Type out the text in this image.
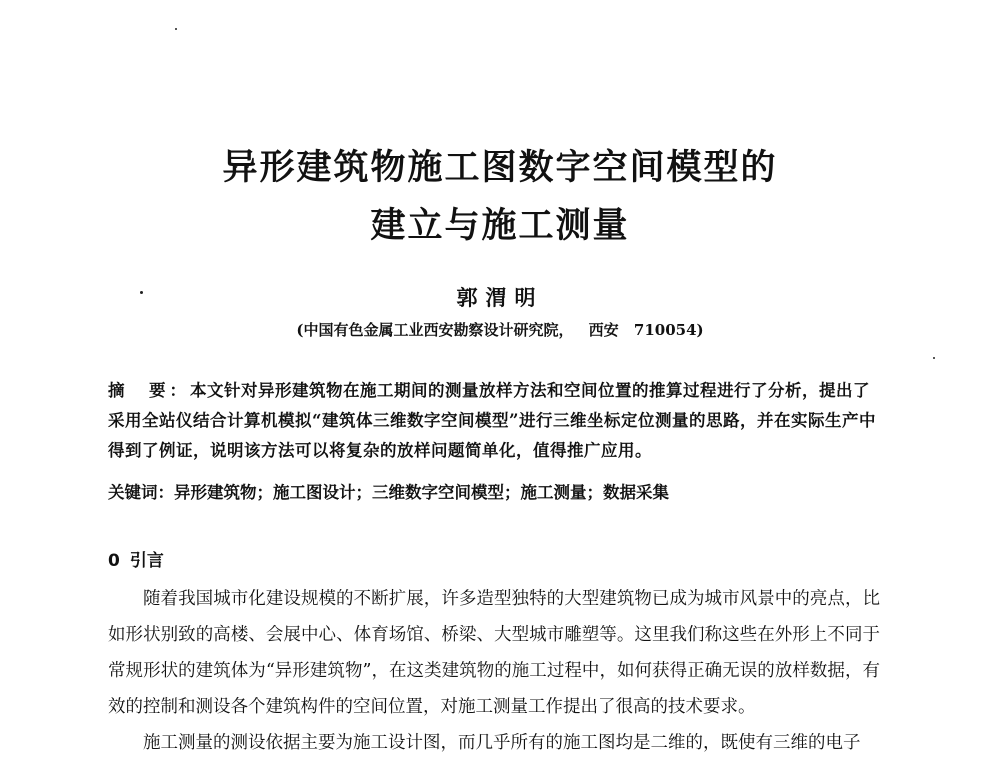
异形建筑物施工图数字空间模型的
建立与施工测量
郭渭明
(中国有色金属工业西安勘察设计研究院， 西安 710054)
摘　要：本文针对异形建筑物在施工期间的测量放样方法和空间位置的推算过程进行了分析，提出了采用全站仪结合计算机模拟“建筑体三维数字空间模型”进行三维坐标定位测量的思路，并在实际生产中得到了例证，说明该方法可以将复杂的放样问题简单化，值得推广应用。
关键词：异形建筑物；施工图设计；三维数字空间模型；施工测量；数据采集
0 引言

随着我国城市化建设规模的不断扩展，许多造型独特的大型建筑物已成为城市风景中的亮点，比如形状别致的高楼、会展中心、体育场馆、桥梁、大型城市雕塑等。这里我们称这些在外形上不同于常规形状的建筑体为“异形建筑物”，在这类建筑物的施工过程中，如何获得正确无误的放样数据，有效的控制和测设各个建筑构件的空间位置，对施工测量工作提出了很高的技术要求。

施工测量的测设依据主要为施工设计图，而几乎所有的施工图均是二维的，既使有三维的电子
